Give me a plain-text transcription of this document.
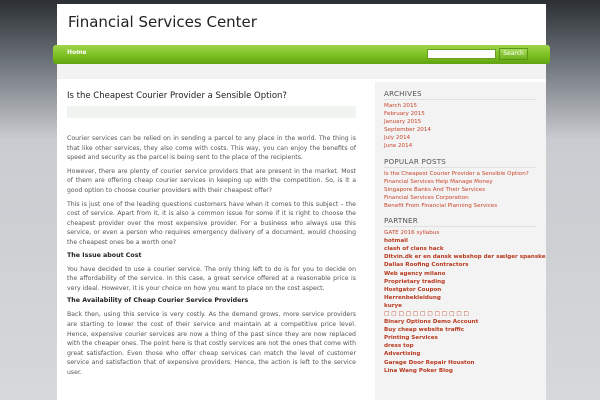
Financial Services Center
Home	Search
Is the Cheapest Courier Provider a Sensible Option?

Courier services can be relied on in sending a parcel to any place in the world. The thing is that like other services, they also come with costs. This way, you can enjoy the benefits of speed and security as the parcel is being sent to the place of the recipients.

However, there are plenty of courier service providers that are present in the market. Most of them are offering cheap courier services in keeping up with the competition. So, is it a good option to choose courier providers with their cheapest offer?

This is just one of the leading questions customers have when it comes to this subject – the cost of service. Apart from it, it is also a common issue for some if it is right to choose the cheapest provider over the most expensive provider. For a business who always use this service, or even a person who requires emergency delivery of a document, would choosing the cheapest ones be a worth one?

The Issue about Cost

You have decided to use a courier service. The only thing left to do is for you to decide on the affordability of the service. In this case, a great service offered at a reasonable price is very ideal. However, it is your choice on how you want to place on the cost aspect.

The Availability of Cheap Courier Service Providers

Back then, using this service is very costly. As the demand grows, more service providers are starting to lower the cost of their service and maintain at a competitive price level. Hence, expensive courier services are now a thing of the past since they are now replaced with the cheaper ones. The point here is that costly services are not the ones that come with great satisfaction. Even those who offer cheap services can match the level of customer service and satisfaction that of expensive providers. Hence, the action is left to the service user.

ARCHIVES
March 2015
February 2015
January 2015
September 2014
July 2014
June 2014
POPULAR POSTS
Is the Cheapest Courier Provider a Sensible Option?
Financial Services Help Manage Money
Singapore Banks And Their Services
Financial Services Corporation
Benefit From Financial Planning Services
PARTNER
GATE 2016 syllabus
hotmail
clash of clans hack
Ditvin.dk er en dansk webshop der sælger spanske
Dallas Roofing Contractors
Web agency milano
Proprietary trading
Hostgator Coupon
Herrenbekleidung
kurye
□ □ □ □ □ □ □ □ □ □ □ □
Binary Options Demo Account
Buy cheap website traffic
Printing Services
dress top
Advertising
Garage Door Repair Houston
Lina Wang Poker Blog
